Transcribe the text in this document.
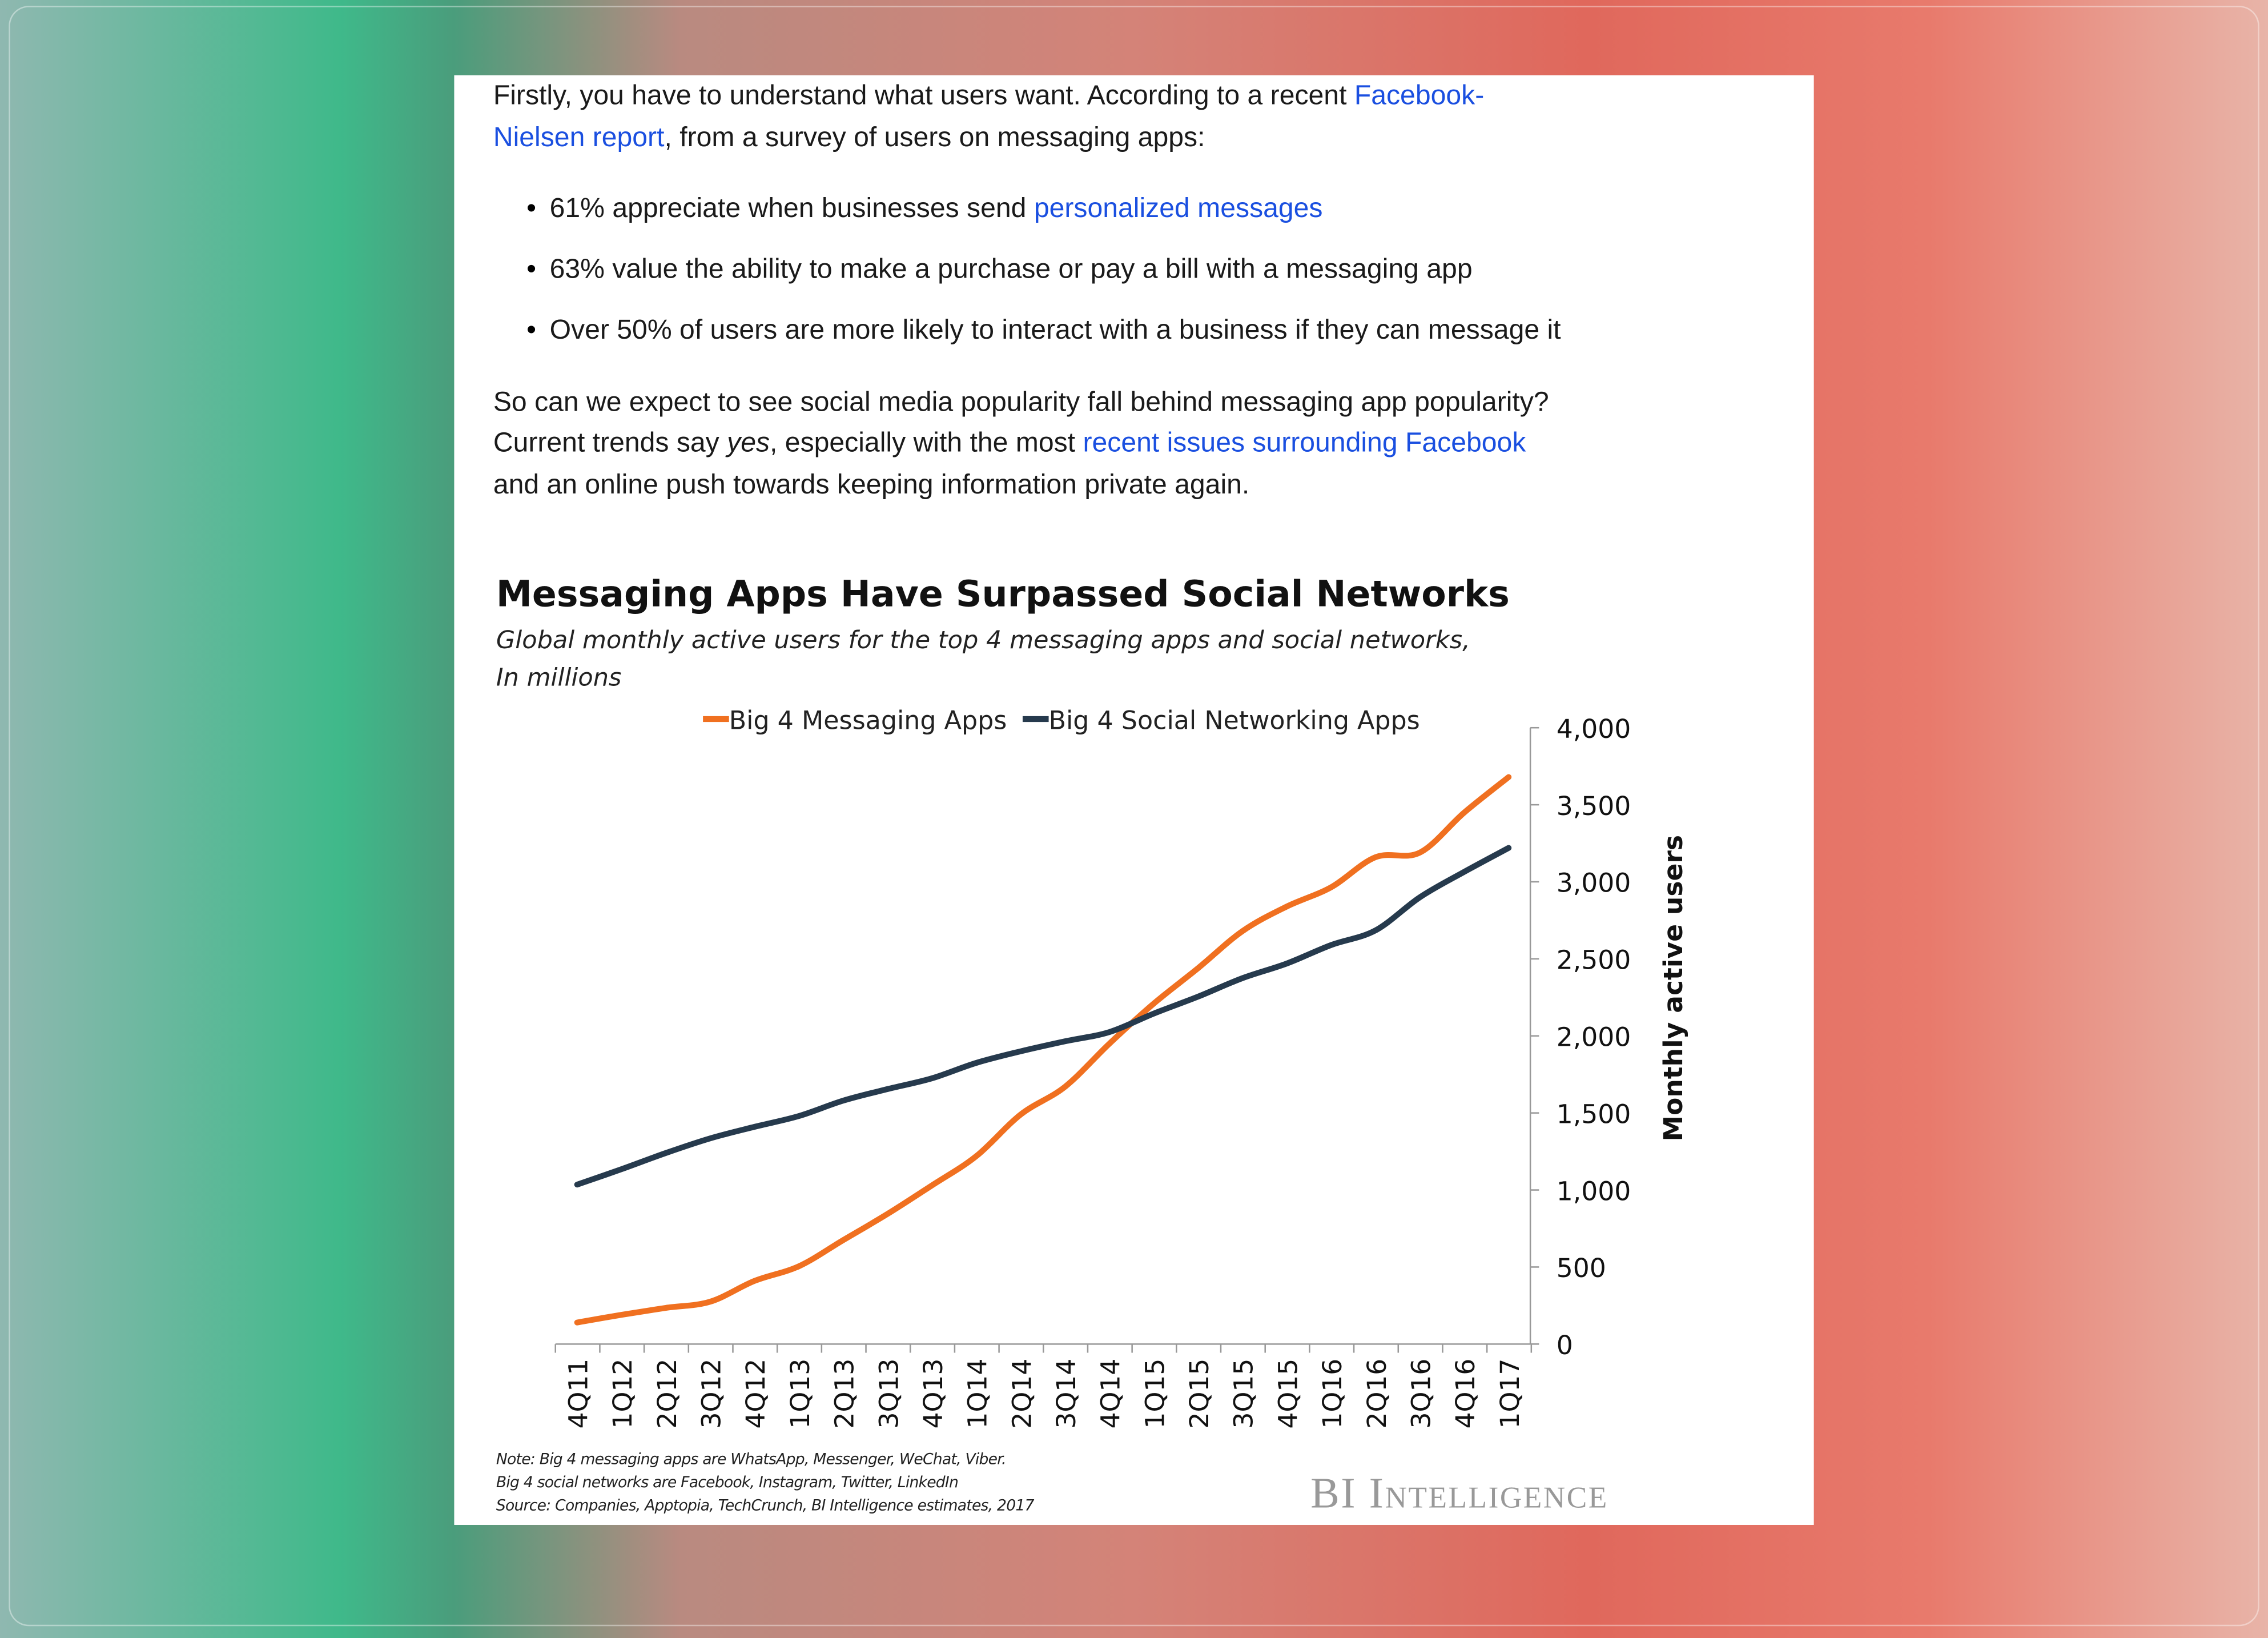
Firstly, you have to understand what users want. According to a recent Facebook-
Nielsen report, from a survey of users on messaging apps:
• 61% appreciate when businesses send personalized messages
• 63% value the ability to make a purchase or pay a bill with a messaging app
• Over 50% of users are more likely to interact with a business if they can message it
So can we expect to see social media popularity fall behind messaging app popularity?
Current trends say yes, especially with the most recent issues surrounding Facebook
and an online push towards keeping information private again.
Messaging Apps Have Surpassed Social Networks
Global monthly active users for the top 4 messaging apps and social networks,
In millions
0
500
1,000
1,500
2,000
2,500
3,000
3,500
4,000
4Q11 1Q12 2Q12 3Q12 4Q12 1Q13 2Q13 3Q13 4Q13 1Q14 2Q14 3Q14 4Q14 1Q15 2Q15 3Q15 4Q15 1Q16 2Q16 3Q16 4Q16 1Q17
Monthly active users
Big 4 Messaging Apps	Big 4 Social Networking Apps
Note: Big 4 messaging apps are WhatsApp, Messenger, WeChat, Viber.
Big 4 social networks are Facebook, Instagram, Twitter, LinkedIn
Source: Companies, Apptopia, TechCrunch, BI Intelligence estimates, 2017	BI Intelligence
